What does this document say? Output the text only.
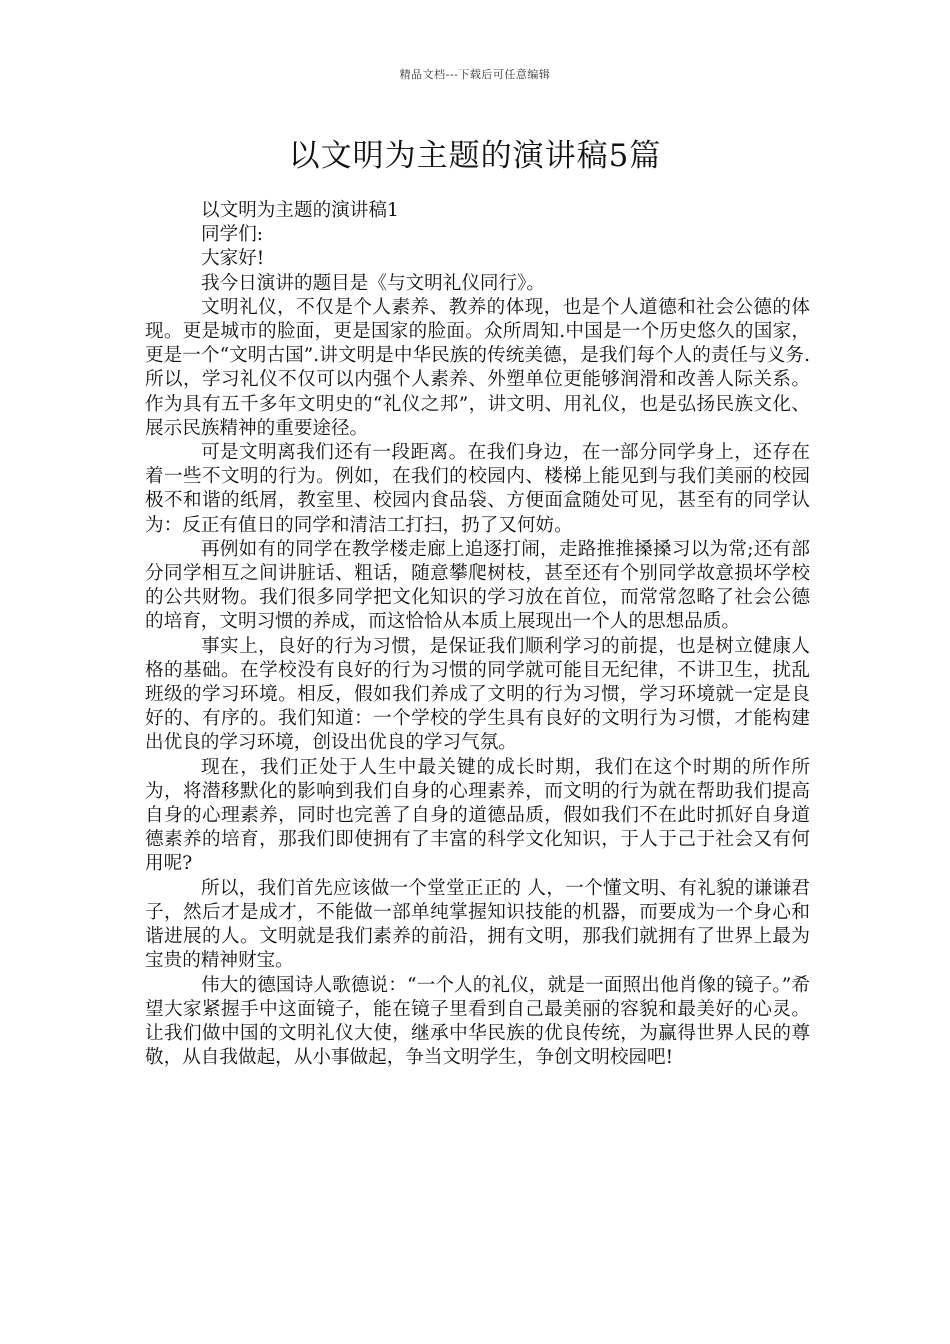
精品文档---下载后可任意编辑
以文明为主题的演讲稿5篇

以文明为主题的演讲稿1

同学们:

大家好!

我今日演讲的题目是《与文明礼仪同行》。

文明礼仪，不仅是个人素养、教养的体现，也是个人道德和社会公德的体现。更是城市的脸面，更是国家的脸面。众所周知.中国是一个历史悠久的国家，更是一个“文明古国”.讲文明是中华民族的传统美德，是我们每个人的责任与义务.所以，学习礼仪不仅可以内强个人素养、外塑单位更能够润滑和改善人际关系。作为具有五千多年文明史的“礼仪之邦”，讲文明、用礼仪，也是弘扬民族文化、展示民族精神的重要途径。

可是文明离我们还有一段距离。在我们身边，在一部分同学身上，还存在着一些不文明的行为。例如，在我们的校园内、楼梯上能见到与我们美丽的校园极不和谐的纸屑，教室里、校园内食品袋、方便面盒随处可见，甚至有的同学认为：反正有值日的同学和清洁工打扫，扔了又何妨。

再例如有的同学在教学楼走廊上追逐打闹，走路推推搡搡习以为常;还有部分同学相互之间讲脏话、粗话，随意攀爬树枝，甚至还有个别同学故意损坏学校的公共财物。我们很多同学把文化知识的学习放在首位，而常常忽略了社会公德的培育，文明习惯的养成，而这恰恰从本质上展现出一个人的思想品质。

事实上，良好的行为习惯，是保证我们顺利学习的前提，也是树立健康人格的基础。在学校没有良好的行为习惯的同学就可能目无纪律，不讲卫生，扰乱班级的学习环境。相反，假如我们养成了文明的行为习惯，学习环境就一定是良好的、有序的。我们知道：一个学校的学生具有良好的文明行为习惯，才能构建出优良的学习环境，创设出优良的学习气氛。

现在，我们正处于人生中最关键的成长时期，我们在这个时期的所作所为，将潜移默化的影响到我们自身的心理素养，而文明的行为就在帮助我们提高自身的心理素养，同时也完善了自身的道德品质，假如我们不在此时抓好自身道德素养的培育，那我们即使拥有了丰富的科学文化知识，于人于己于社会又有何用呢?

所以，我们首先应该做一个堂堂正正的 人，一个懂文明、有礼貌的谦谦君子，然后才是成才，不能做一部单纯掌握知识技能的机器，而要成为一个身心和谐进展的人。文明就是我们素养的前沿，拥有文明，那我们就拥有了世界上最为宝贵的精神财宝。

伟大的德国诗人歌德说：“一个人的礼仪，就是一面照出他肖像的镜子。”希望大家紧握手中这面镜子，能在镜子里看到自己最美丽的容貌和最美好的心灵。让我们做中国的文明礼仪大使，继承中华民族的优良传统，为赢得世界人民的尊敬，从自我做起，从小事做起，争当文明学生，争创文明校园吧!
